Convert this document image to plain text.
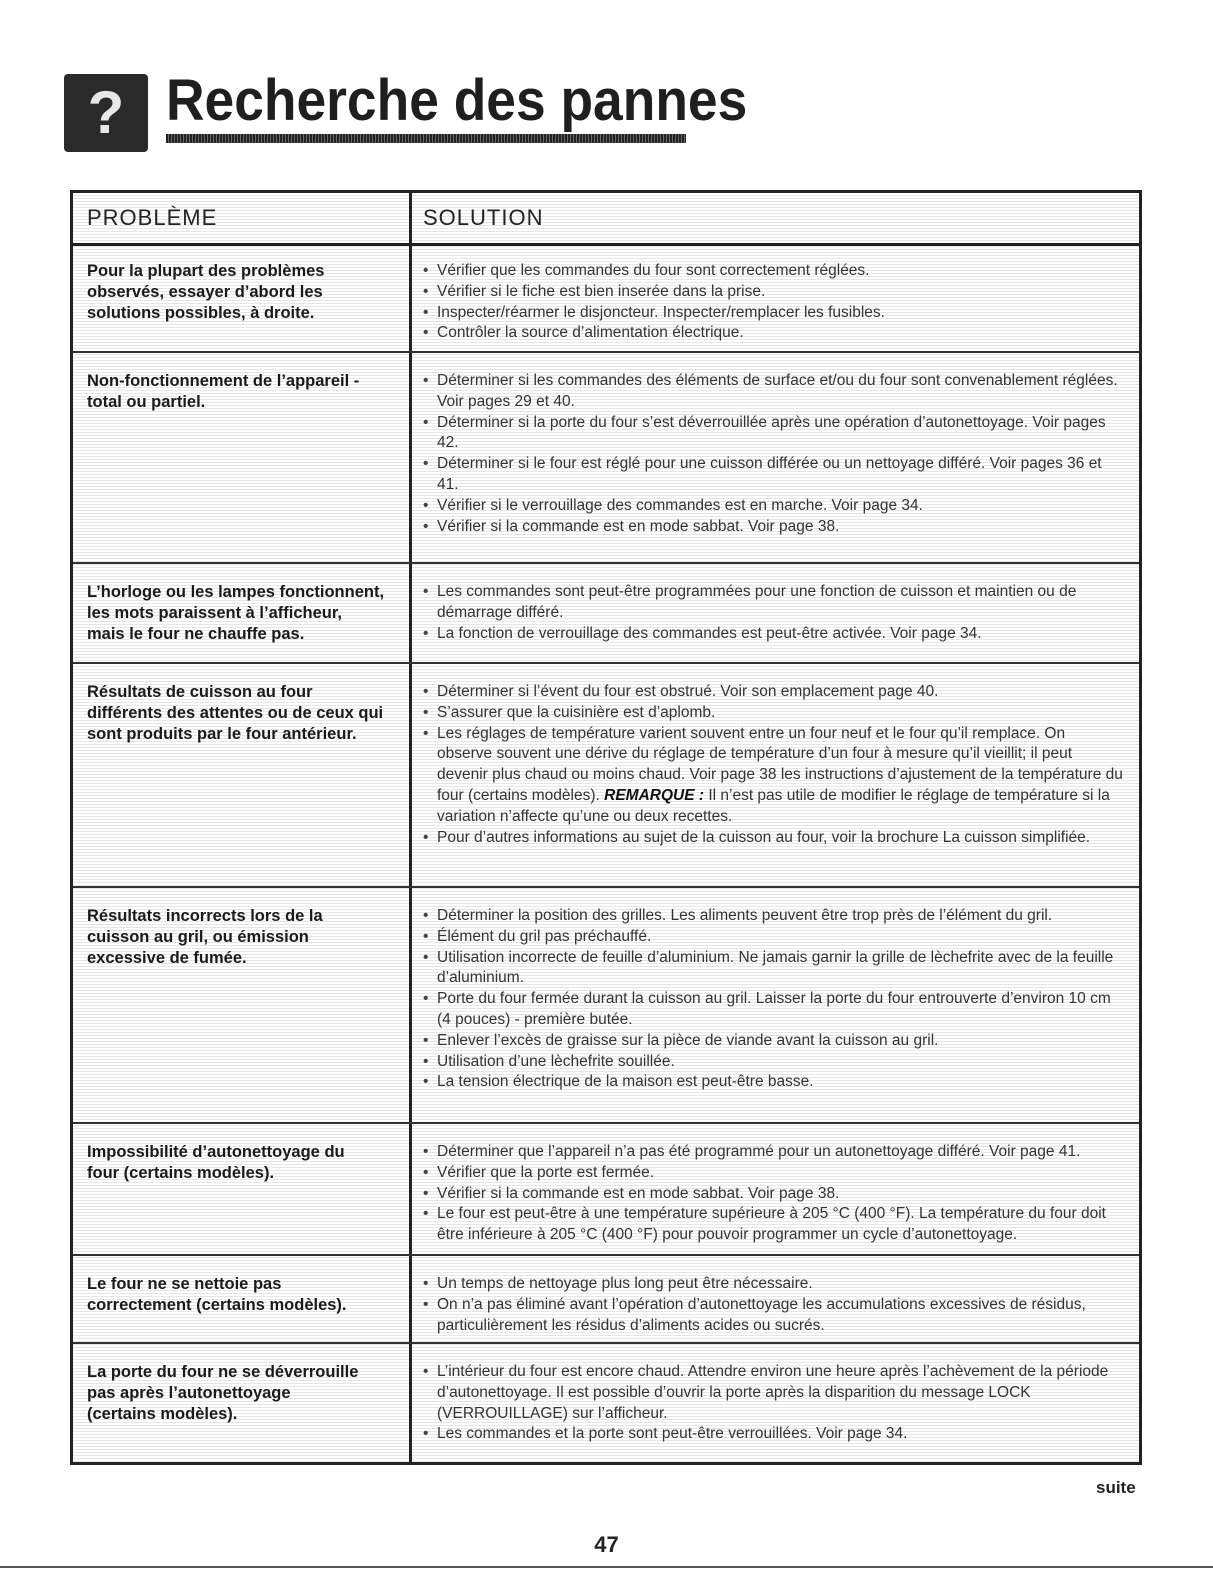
? Recherche des pannes
PROBLÈME	SOLUTION
Pour la plupart des problèmes
observés, essayer d’abord les
solutions possibles, à droite.
• Vérifier que les commandes du four sont correctement réglées.
• Vérifier si le fiche est bien inserée dans la prise.
• Inspecter/réarmer le disjoncteur. Inspecter/remplacer les fusibles.
• Contrôler la source d’alimentation électrique.
Non-fonctionnement de l’appareil -
total ou partiel.
• Déterminer si les commandes des éléments de surface et/ou du four sont convenablement réglées. Voir pages 29 et 40.
• Déterminer si la porte du four s’est déverrouillée après une opération d’autonettoyage. Voir pages 42.
• Déterminer si le four est réglé pour une cuisson différée ou un nettoyage différé. Voir pages 36 et 41.
• Vérifier si le verrouillage des commandes est en marche. Voir page 34.
• Vérifier si la commande est en mode sabbat. Voir page 38.
L’horloge ou les lampes fonctionnent,
les mots paraissent à l’afficheur,
mais le four ne chauffe pas.
• Les commandes sont peut-être programmées pour une fonction de cuisson et maintien ou de démarrage différé.
• La fonction de verrouillage des commandes est peut-être activée. Voir page 34.
Résultats de cuisson au four
différents des attentes ou de ceux qui
sont produits par le four antérieur.
• Déterminer si l’évent du four est obstrué. Voir son emplacement page 40.
• S’assurer que la cuisinière est d’aplomb.
• Les réglages de température varient souvent entre un four neuf et le four qu’il remplace. On observe souvent une dérive du réglage de température d’un four à mesure qu’il vieillit; il peut devenir plus chaud ou moins chaud. Voir page 38 les instructions d’ajustement de la température du four (certains modèles). REMARQUE : Il n’est pas utile de modifier le réglage de température si la variation n’affecte qu’une ou deux recettes.
• Pour d’autres informations au sujet de la cuisson au four, voir la brochure La cuisson simplifiée.
Résultats incorrects lors de la
cuisson au gril, ou émission
excessive de fumée.
• Déterminer la position des grilles. Les aliments peuvent être trop près de l’élément du gril.
• Élément du gril pas préchauffé.
• Utilisation incorrecte de feuille d’aluminium. Ne jamais garnir la grille de lèchefrite avec de la feuille d’aluminium.
• Porte du four fermée durant la cuisson au gril. Laisser la porte du four entrouverte d’environ 10 cm (4 pouces) - première butée.
• Enlever l’excès de graisse sur la pièce de viande avant la cuisson au gril.
• Utilisation d’une lèchefrite souillée.
• La tension électrique de la maison est peut-être basse.
Impossibilité d’autonettoyage du
four (certains modèles).
• Déterminer que l’appareil n’a pas été programmé pour un autonettoyage différé. Voir page 41.
• Vérifier que la porte est fermée.
• Vérifier si la commande est en mode sabbat. Voir page 38.
• Le four est peut-être à une température supérieure à 205 °C (400 °F). La température du four doit être inférieure à 205 °C (400 °F) pour pouvoir programmer un cycle d’autonettoyage.
Le four ne se nettoie pas
correctement (certains modèles).
• Un temps de nettoyage plus long peut être nécessaire.
• On n’a pas éliminé avant l’opération d’autonettoyage les accumulations excessives de résidus, particulièrement les résidus d’aliments acides ou sucrés.
La porte du four ne se déverrouille
pas après l’autonettoyage
(certains modèles).
• L’intérieur du four est encore chaud. Attendre environ une heure après l’achèvement de la période d’autonettoyage. Il est possible d’ouvrir la porte après la disparition du message LOCK (VERROUILLAGE) sur l’afficheur.
• Les commandes et la porte sont peut-être verrouillées. Voir page 34.
suite
47
